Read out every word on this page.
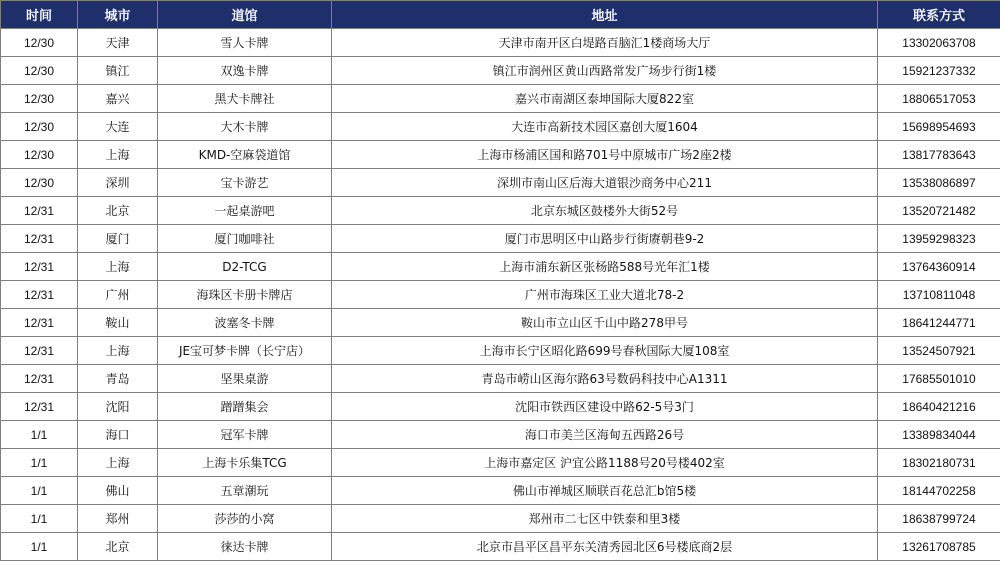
时间	城市	道馆	地址	联系方式
12/30	天津	雪人卡牌	天津市南开区白堤路百脑汇1楼商场大厅	13302063708
12/30	镇江	双逸卡牌	镇江市润州区黄山西路常发广场步行街1楼	15921237332
12/30	嘉兴	黑犬卡牌社	嘉兴市南湖区泰坤国际大厦822室	18806517053
12/30	大连	大木卡牌	大连市高新技术园区嘉创大厦1604	15698954693
12/30	上海	KMD-空麻袋道馆	上海市杨浦区国和路701号中原城市广场2座2楼	13817783643
12/30	深圳	宝卡游艺	深圳市南山区后海大道银沙商务中心211	13538086897
12/31	北京	一起桌游吧	北京东城区鼓楼外大街52号	13520721482
12/31	厦门	厦门咖啡社	厦门市思明区中山路步行街赓朝巷9-2	13959298323
12/31	上海	D2-TCG	上海市浦东新区张杨路588号光年汇1楼	13764360914
12/31	广州	海珠区卡册卡牌店	广州市海珠区工业大道北78-2	13710811048
12/31	鞍山	波塞冬卡牌	鞍山市立山区千山中路278甲号	18641244771
12/31	上海	JE宝可梦卡牌（长宁店）	上海市长宁区昭化路699号春秋国际大厦108室	13524507921
12/31	青岛	坚果桌游	青岛市崂山区海尔路63号数码科技中心A1311	17685501010
12/31	沈阳	蹭蹭集会	沈阳市铁西区建设中路62-5号3门	18640421216
1/1	海口	冠军卡牌	海口市美兰区海甸五西路26号	13389834044
1/1	上海	上海卡乐集TCG	上海市嘉定区 沪宜公路1188号20号楼402室	18302180731
1/1	佛山	五章潮玩	佛山市禅城区顺联百花总汇b馆5楼	18144702258
1/1	郑州	莎莎的小窝	郑州市二七区中铁泰和里3楼	18638799724
1/1	北京	徕达卡牌	北京市昌平区昌平东关清秀园北区6号楼底商2层	13261708785
